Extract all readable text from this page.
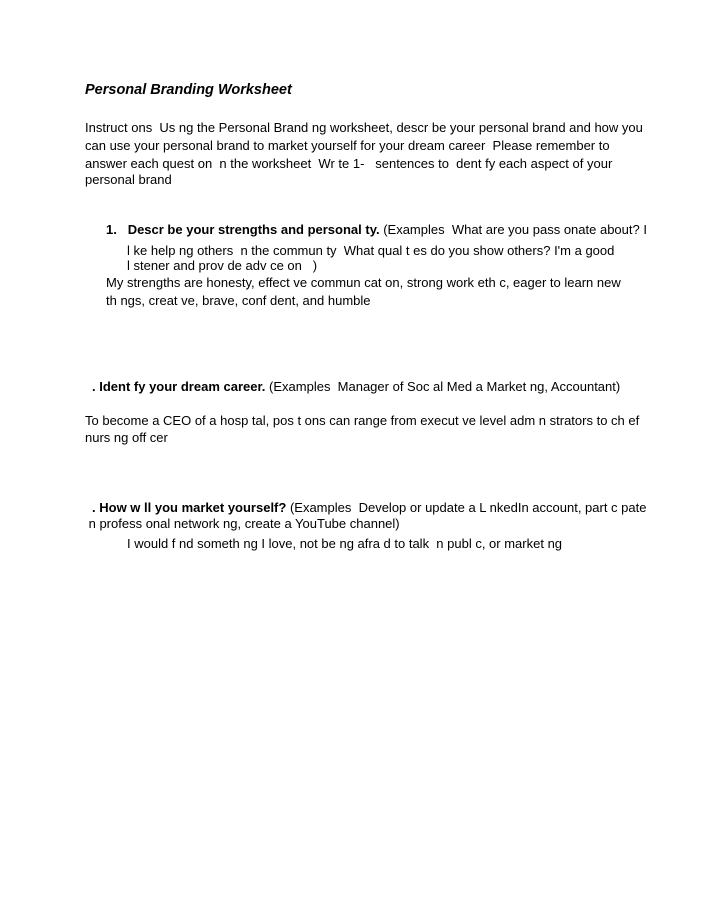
Personal Branding Worksheet
Instruct ons  Us ng the Personal Brand ng worksheet, descr be your personal brand and how you
can use your personal brand to market yourself for your dream career  Please remember to
answer each quest on  n the worksheet  Wr te 1-   sentences to  dent fy each aspect of your
personal brand
1. Descr be your strengths and personal ty. (Examples  What are you pass onate about? I
l ke help ng others  n the commun ty  What qual t es do you show others? I'm a good
l stener and prov de adv ce on   )
My strengths are honesty, effect ve commun cat on, strong work eth c, eager to learn new
th ngs, creat ve, brave, conf dent, and humble
. Ident fy your dream career. (Examples  Manager of Soc al Med a Market ng, Accountant)
To become a CEO of a hosp tal, pos t ons can range from execut ve level adm n strators to ch ef
nurs ng off cer
. How w ll you market yourself? (Examples  Develop or update a L nkedIn account, part c pate
n profess onal network ng, create a YouTube channel)
I would f nd someth ng I love, not be ng afra d to talk  n publ c, or market ng
